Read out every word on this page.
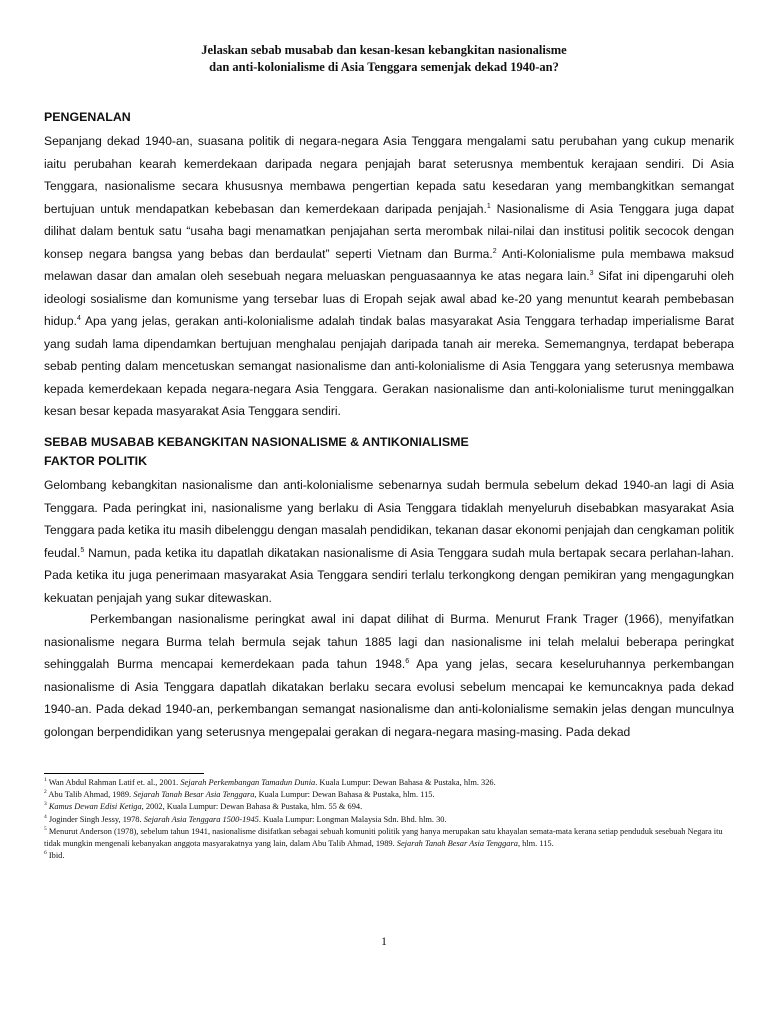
Jelaskan sebab musabab dan kesan-kesan kebangkitan nasionalisme
dan anti-kolonialisme di Asia Tenggara semenjak dekad 1940-an?
PENGENALAN

Sepanjang dekad 1940-an, suasana politik di negara-negara Asia Tenggara mengalami satu perubahan yang cukup menarik iaitu perubahan kearah kemerdekaan daripada negara penjajah barat seterusnya membentuk kerajaan sendiri. Di Asia Tenggara, nasionalisme secara khususnya membawa pengertian kepada satu kesedaran yang membangkitkan semangat bertujuan untuk mendapatkan kebebasan dan kemerdekaan daripada penjajah.$^1$ Nasionalisme di Asia Tenggara juga dapat dilihat dalam bentuk satu “usaha bagi menamatkan penjajahan serta merombak nilai-nilai dan institusi politik secocok dengan konsep negara bangsa yang bebas dan berdaulat” seperti Vietnam dan Burma.$^2$ Anti-Kolonialisme pula membawa maksud melawan dasar dan amalan oleh sesebuah negara meluaskan penguasaannya ke atas negara lain.$^3$ Sifat ini dipengaruhi oleh ideologi sosialisme dan komunisme yang tersebar luas di Eropah sejak awal abad ke-20 yang menuntut kearah pembebasan hidup.$^4$ Apa yang jelas, gerakan anti-kolonialisme adalah tindak balas masyarakat Asia Tenggara terhadap imperialisme Barat yang sudah lama dipendamkan bertujuan menghalau penjajah daripada tanah air mereka. Sememangnya, terdapat beberapa sebab penting dalam mencetuskan semangat nasionalisme dan anti-kolonialisme di Asia Tenggara yang seterusnya membawa kepada kemerdekaan kepada negara-negara Asia Tenggara. Gerakan nasionalisme dan anti-kolonialisme turut meninggalkan kesan besar kepada masyarakat Asia Tenggara sendiri.

SEBAB MUSABAB KEBANGKITAN NASIONALISME & ANTIKONIALISME
FAKTOR POLITIK

Gelombang kebangkitan nasionalisme dan anti-kolonialisme sebenarnya sudah bermula sebelum dekad 1940-an lagi di Asia Tenggara. Pada peringkat ini, nasionalisme yang berlaku di Asia Tenggara tidaklah menyeluruh disebabkan masyarakat Asia Tenggara pada ketika itu masih dibelenggu dengan masalah pendidikan, tekanan dasar ekonomi penjajah dan cengkaman politik feudal.$^5$ Namun, pada ketika itu dapatlah dikatakan nasionalisme di Asia Tenggara sudah mula bertapak secara perlahan-lahan. Pada ketika itu juga penerimaan masyarakat Asia Tenggara sendiri terlalu terkongkong dengan pemikiran yang mengagungkan kekuatan penjajah yang sukar ditewaskan.

Perkembangan nasionalisme peringkat awal ini dapat dilihat di Burma. Menurut Frank Trager (1966), menyifatkan nasionalisme negara Burma telah bermula sejak tahun 1885 lagi dan nasionalisme ini telah melalui beberapa peringkat sehinggalah Burma mencapai kemerdekaan pada tahun 1948.$^6$ Apa yang jelas, secara keseluruhannya perkembangan nasionalisme di Asia Tenggara dapatlah dikatakan berlaku secara evolusi sebelum mencapai ke kemuncaknya pada dekad 1940-an. Pada dekad 1940-an, perkembangan semangat nasionalisme dan anti-kolonialisme semakin jelas dengan munculnya golongan berpendidikan yang seterusnya mengepalai gerakan di negara-negara masing-masing. Pada dekad

$^1$ Wan Abdul Rahman Latif et. al., 2001. Sejarah Perkembangan Tamadun Dunia. Kuala Lumpur: Dewan Bahasa & Pustaka, hlm. 326.

$^2$ Abu Talib Ahmad, 1989. Sejarah Tanah Besar Asia Tenggara, Kuala Lumpur: Dewan Bahasa & Pustaka, hlm. 115.

$^3$ Kamus Dewan Edisi Ketiga, 2002, Kuala Lumpur: Dewan Bahasa & Pustaka, hlm. 55 & 694.

$^4$ Joginder Singh Jessy, 1978. Sejarah Asia Tenggara 1500-1945. Kuala Lumpur: Longman Malaysia Sdn. Bhd. hlm. 30.

$^5$ Menurut Anderson (1978), sebelum tahun 1941, nasionalisme disifatkan sebagai sebuah komuniti politik yang hanya merupakan satu khayalan semata-mata kerana setiap penduduk sesebuah Negara itu tidak mungkin mengenali kebanyakan anggota masyarakatnya yang lain, dalam Abu Talib Ahmad, 1989. Sejarah Tanah Besar Asia Tenggara, hlm. 115.

$^6$ Ibid.

1
